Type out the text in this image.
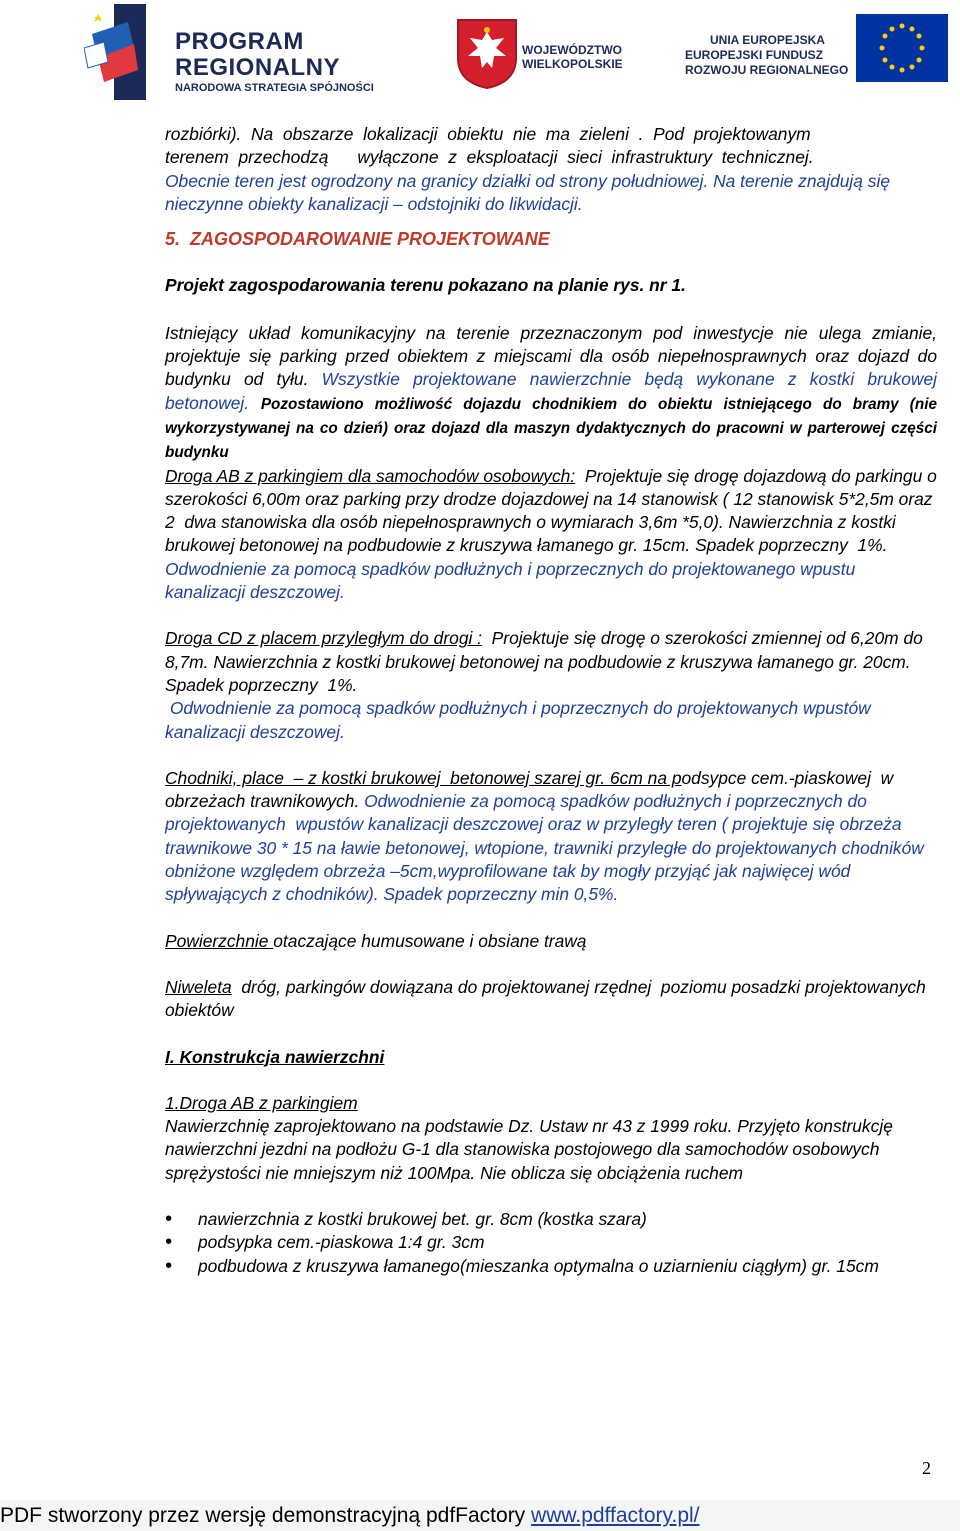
PROGRAM
REGIONALNY
NARODOWA STRATEGIA SPÓJNOŚCI
WOJEWÓDZTWO
WIELKOPOLSKIE
UNIA EUROPEJSKA
EUROPEJSKI FUNDUSZ
ROZWOJU REGIONALNEGO

rozbiórki).  Na  obszarze  lokalizacji  obiektu  nie  ma  zieleni  .  Pod  projektowanym

terenem  przechodzą      wyłączone  z  eksploatacji  sieci  infrastruktury  technicznej.

Obecnie teren jest ogrodzony na granicy działki od strony południowej. Na terenie znajdują się nieczynne obiekty kanalizacji – odstojniki do likwidacji.

5.  ZAGOSPODAROWANIE PROJEKTOWANE

Projekt zagospodarowania terenu pokazano na planie rys. nr 1.

Istniejący układ komunikacyjny na terenie przeznaczonym pod inwestycje nie ulega zmianie, projektuje się parking przed obiektem z miejscami dla osób niepełnosprawnych oraz dojazd do budynku od tyłu. Wszystkie projektowane nawierzchnie będą wykonane z kostki brukowej betonowej. Pozostawiono możliwość dojazdu chodnikiem do obiektu istniejącego do bramy (nie wykorzystywanej na co dzień) oraz dojazd dla maszyn dydaktycznych do pracowni w parterowej części budynku

Droga AB z parkingiem dla samochodów osobowych:  Projektuje się drogę dojazdową do parkingu o szerokości 6,00m oraz parking przy drodze dojazdowej na 14 stanowisk ( 12 stanowisk 5*2,5m oraz 2  dwa stanowiska dla osób niepełnosprawnych o wymiarach 3,6m *5,0). Nawierzchnia z kostki brukowej betonowej na podbudowie z kruszywa łamanego gr. 15cm. Spadek poprzeczny  1%. Odwodnienie za pomocą spadków podłużnych i poprzecznych do projektowanego wpustu kanalizacji deszczowej.

Droga CD z placem przyległym do drogi :  Projektuje się drogę o szerokości zmiennej od 6,20m do 8,7m. Nawierzchnia z kostki brukowej betonowej na podbudowie z kruszywa łamanego gr. 20cm. Spadek poprzeczny  1%.
Odwodnienie za pomocą spadków podłużnych i poprzecznych do projektowanych wpustów kanalizacji deszczowej.

Chodniki, place  – z kostki brukowej  betonowej szarej gr. 6cm na podsypce cem.-piaskowej  w obrzeżach trawnikowych. Odwodnienie za pomocą spadków podłużnych i poprzecznych do projektowanych  wpustów kanalizacji deszczowej oraz w przyległy teren ( projektuje się obrzeża trawnikowe 30 * 15 na ławie betonowej, wtopione, trawniki przyległe do projektowanych chodników obniżone względem obrzeża –5cm,wyprofilowane tak by mogły przyjąć jak najwięcej wód spływających z chodników). Spadek poprzeczny min 0,5%.

Powierzchnie otaczające humusowane i obsiane trawą

Niweleta  dróg, parkingów dowiązana do projektowanej rzędnej  poziomu posadzki projektowanych obiektów

I. Konstrukcja nawierzchni

1.Droga AB z parkingiem

Nawierzchnię zaprojektowano na podstawie Dz. Ustaw nr 43 z 1999 roku. Przyjęto konstrukcję nawierzchni jezdni na podłożu G-1 dla stanowiska postojowego dla samochodów osobowych sprężystości nie mniejszym niż 100Mpa. Nie oblicza się obciążenia ruchem

• nawierzchnia z kostki brukowej bet. gr. 8cm (kostka szara)
• podsypka cem.-piaskowa 1:4 gr. 3cm
• podbudowa z kruszywa łamanego(mieszanka optymalna o uziarnieniu ciągłym) gr. 15cm
2
PDF stworzony przez wersję demonstracyjną pdfFactory www.pdffactory.pl/
